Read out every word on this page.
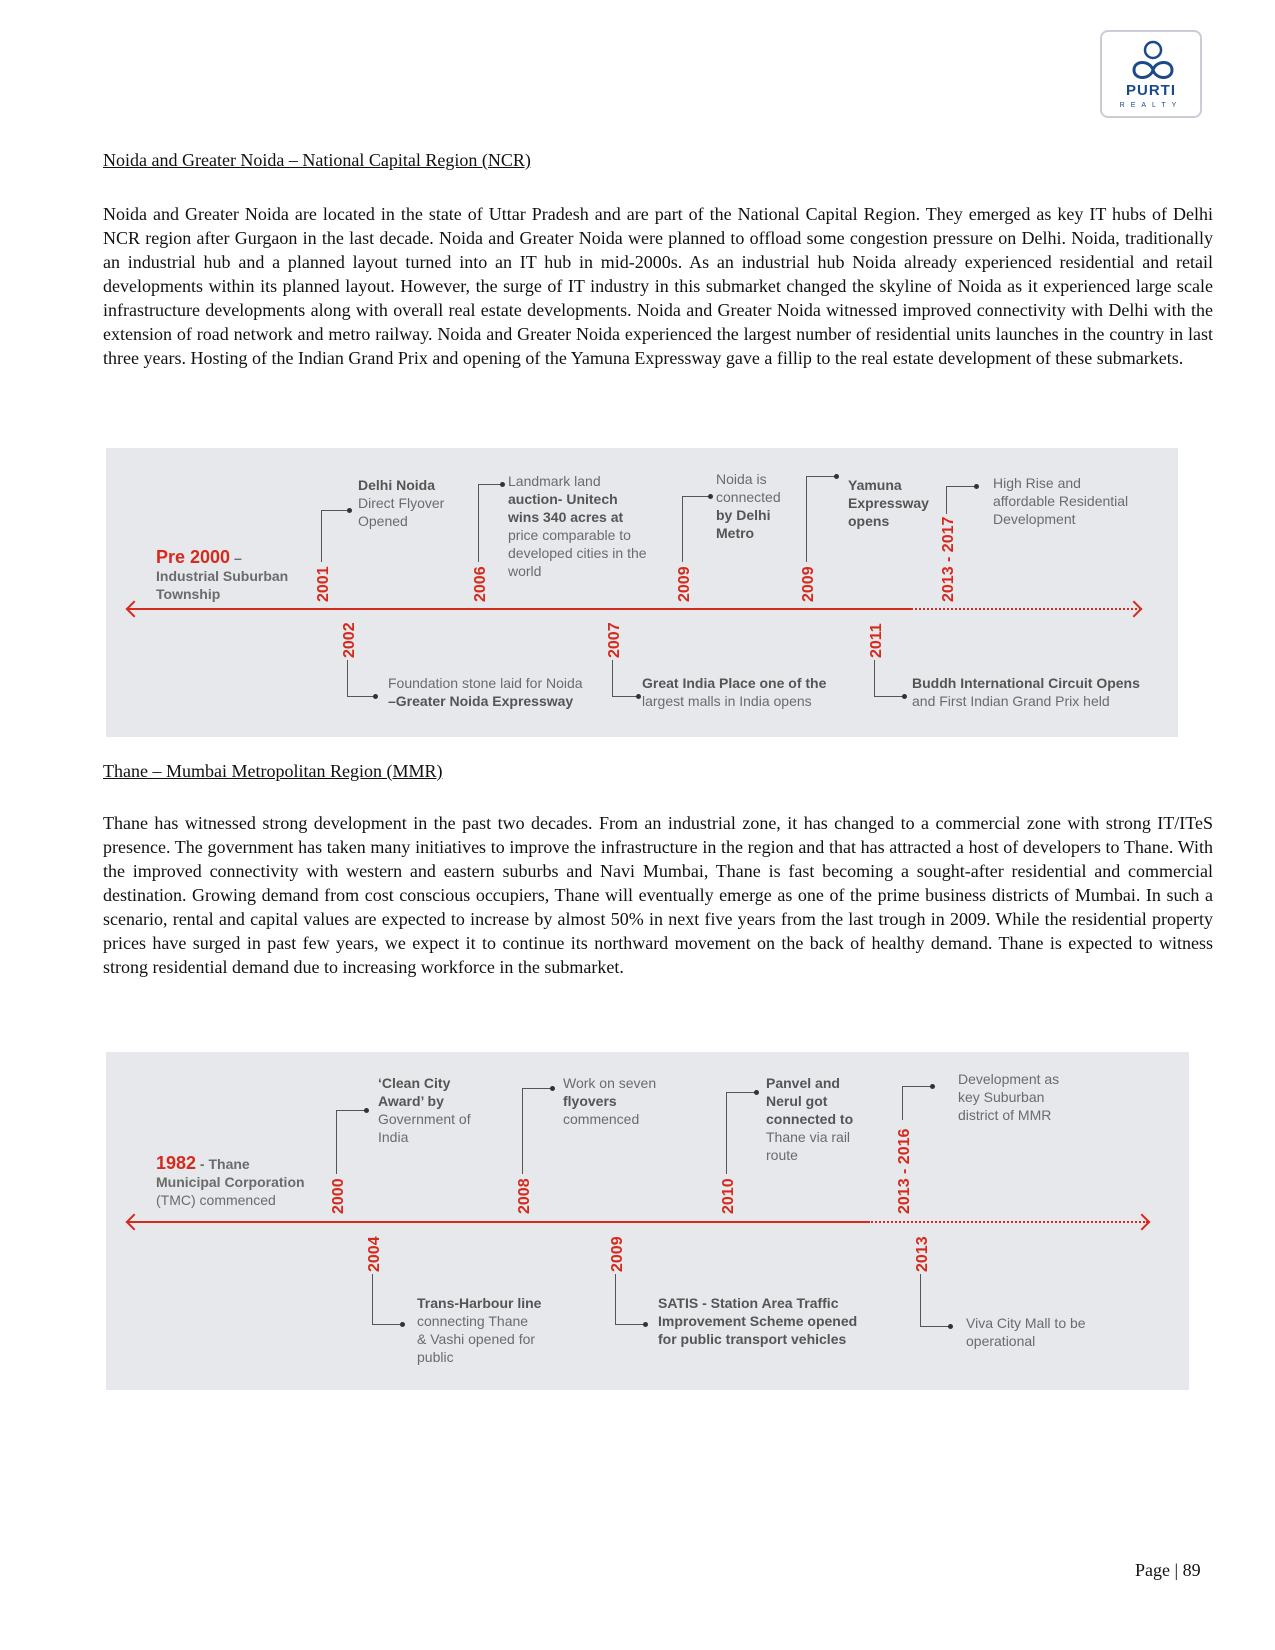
PURTI
REALTY
Noida and Greater Noida – National Capital Region (NCR)

Noida and Greater Noida are located in the state of Uttar Pradesh and are part of the National Capital Region. They emerged as key IT hubs of Delhi NCR region after Gurgaon in the last decade. Noida and Greater Noida were planned to offload some congestion pressure on Delhi. Noida, traditionally an industrial hub and a planned layout turned into an IT hub in mid-2000s. As an industrial hub Noida already experienced residential and retail developments within its planned layout. However, the surge of IT industry in this submarket changed the skyline of Noida as it experienced large scale infrastructure developments along with overall real estate developments. Noida and Greater Noida witnessed improved connectivity with Delhi with the extension of road network and metro railway. Noida and Greater Noida experienced the largest number of residential units launches in the country in last three years. Hosting of the Indian Grand Prix and opening of the Yamuna Expressway gave a fillip to the real estate development of these submarkets.

Pre 2000 –
Industrial Suburban
Township	2001
Delhi Noida
Direct Flyover
Opened
2002
Foundation stone laid for Noida
–Greater Noida Expressway
2006
Landmark land
auction- Unitech
wins 340 acres at
price comparable to
developed cities in the
world
2007
Great India Place one of the
largest malls in India opens
2009
Noida is
connected
by Delhi
Metro
2009
Yamuna
Expressway
opens
2011
Buddh International Circuit Opens
and First Indian Grand Prix held
2013 - 2017
High Rise and
affordable Residential
Development
Thane – Mumbai Metropolitan Region (MMR)

Thane has witnessed strong development in the past two decades. From an industrial zone, it has changed to a commercial zone with strong IT/ITeS presence. The government has taken many initiatives to improve the infrastructure in the region and that has attracted a host of developers to Thane. With the improved connectivity with western and eastern suburbs and Navi Mumbai, Thane is fast becoming a sought-after residential and commercial destination. Growing demand from cost conscious occupiers, Thane will eventually emerge as one of the prime business districts of Mumbai. In such a scenario, rental and capital values are expected to increase by almost 50% in next five years from the last trough in 2009. While the residential property prices have surged in past few years, we expect it to continue its northward movement on the back of healthy demand. Thane is expected to witness strong residential demand due to increasing workforce in the submarket.

1982 - Thane
Municipal Corporation
(TMC) commenced	2000
‘Clean City
Award’ by
Government of
India
2004
Trans-Harbour line
connecting Thane
& Vashi opened for
public
2008
Work on seven
flyovers
commenced
2009
SATIS - Station Area Traffic
Improvement Scheme opened
for public transport vehicles
2010
Panvel and
Nerul got
connected to
Thane via rail
route
2013
Viva City Mall to be
operational
2013 - 2016
Development as
key Suburban
district of MMR
Page | 89
